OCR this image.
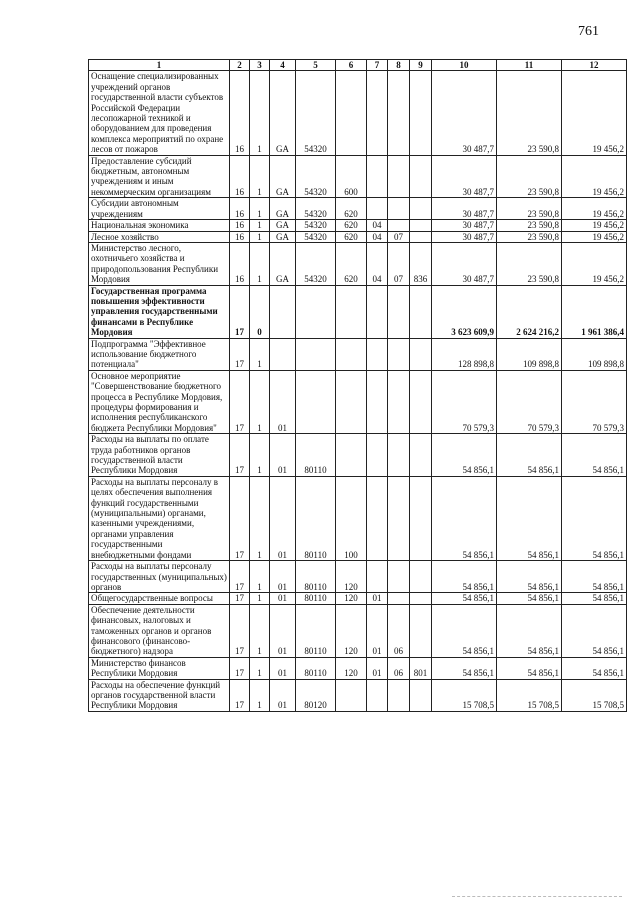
761
1	2	3	4	5	6	7	8	9	10	11	12
Оснащение специализированных учреждений органов государственной власти субъектов Российской Федерации лесопожарной техникой и оборудованием для проведения комплекса мероприятий по охране лесов от пожаров	16	1	GA	54320					30 487,7	23 590,8	19 456,2
Предоставление субсидий бюджетным, автономным учреждениям и иным некоммерческим организациям	16	1	GA	54320	600				30 487,7	23 590,8	19 456,2
Субсидии автономным учреждениям	16	1	GA	54320	620				30 487,7	23 590,8	19 456,2
Национальная экономика	16	1	GA	54320	620	04			30 487,7	23 590,8	19 456,2
Лесное хозяйство	16	1	GA	54320	620	04	07		30 487,7	23 590,8	19 456,2
Министерство лесного, охотничьего хозяйства и природопользования Республики Мордовия	16	1	GA	54320	620	04	07	836	30 487,7	23 590,8	19 456,2
Государственная программа повышения эффективности управления государственными финансами в Республике Мордовия	17	0							3 623 609,9	2 624 216,2	1 961 386,4
Подпрограмма "Эффективное использование бюджетного потенциала"	17	1							128 898,8	109 898,8	109 898,8
Основное мероприятие "Совершенствование бюджетного процесса в Республике Мордовия, процедуры формирования и исполнения республиканского бюджета Республики Мордовия"	17	1	01						70 579,3	70 579,3	70 579,3
Расходы на выплаты по оплате труда работников органов государственной власти Республики Мордовия	17	1	01	80110					54 856,1	54 856,1	54 856,1
Расходы на выплаты персоналу в целях обеспечения выполнения функций государственными (муниципальными) органами, казенными учреждениями, органами управления государственными внебюджетными фондами	17	1	01	80110	100				54 856,1	54 856,1	54 856,1
Расходы на выплаты персоналу государственных (муниципальных) органов	17	1	01	80110	120				54 856,1	54 856,1	54 856,1
Общегосударственные вопросы	17	1	01	80110	120	01			54 856,1	54 856,1	54 856,1
Обеспечение деятельности финансовых, налоговых и таможенных органов и органов финансового (финансово-бюджетного) надзора	17	1	01	80110	120	01	06		54 856,1	54 856,1	54 856,1
Министерство финансов Республики Мордовия	17	1	01	80110	120	01	06	801	54 856,1	54 856,1	54 856,1
Расходы на обеспечение функций органов государственной власти Республики Мордовия	17	1	01	80120					15 708,5	15 708,5	15 708,5
